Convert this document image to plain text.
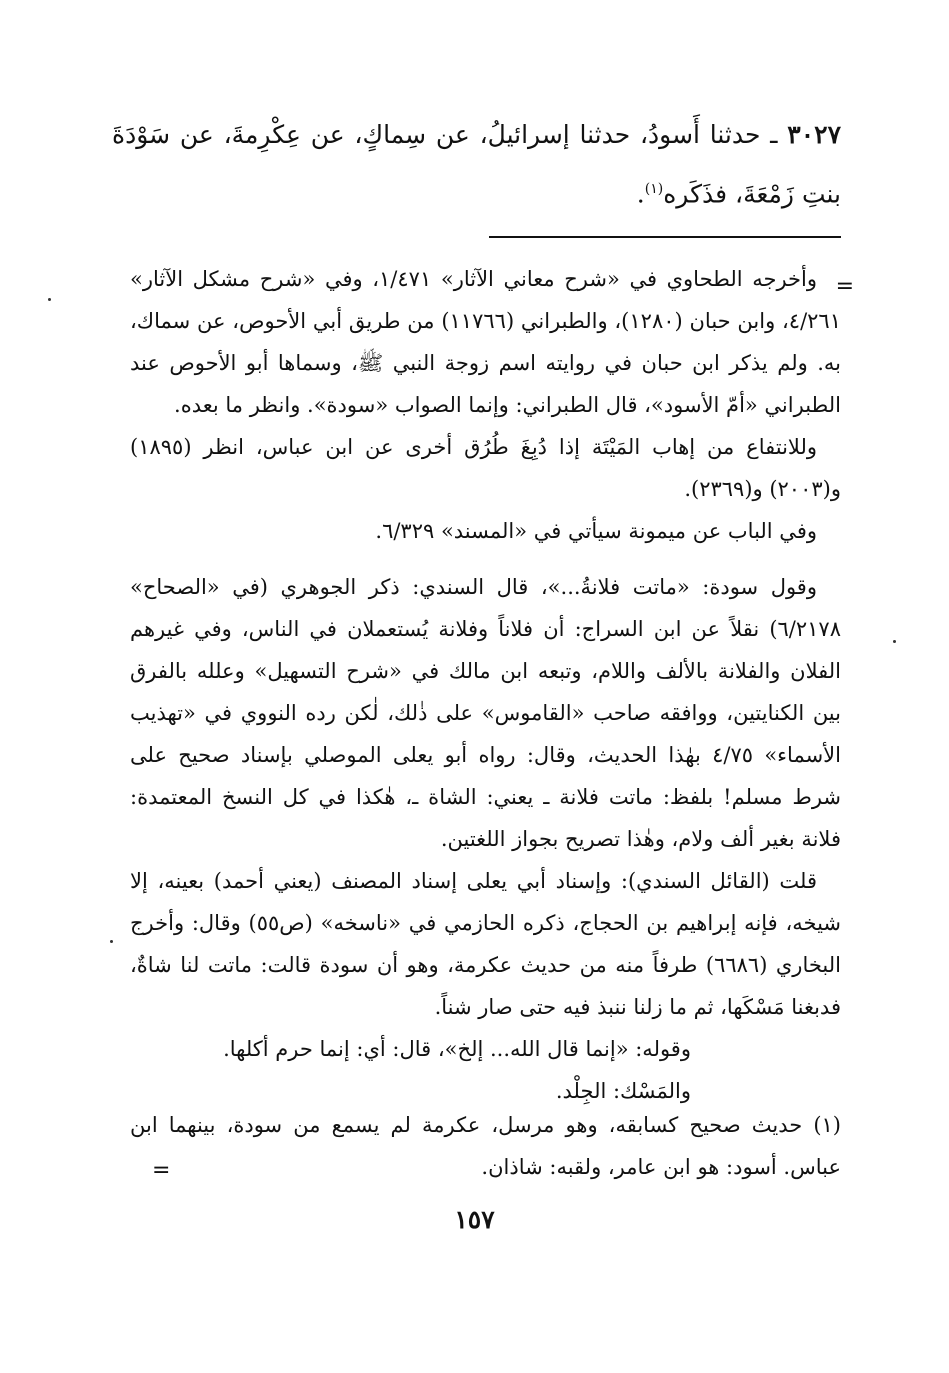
٣٠٢٧ ـ حدثنا أَسودُ، حدثنا إسرائيلُ، عن سِماكٍ، عن عِكْرِمةَ، عن سَوْدَةَ بنتِ زَمْعَةَ، فذَكَره$^{(١)}$.
=

وأخرجه الطحاوي في «شرح معاني الآثار» ١/٤٧١، وفي «شرح مشكل الآثار» ٤/٢٦١، وابن حبان (١٢٨٠)، والطبراني (١١٧٦٦) من طريق أبي الأحوص، عن سماك، به. ولم يذكر ابن حبان في روايته اسم زوجة النبي ﷺ، وسماها أبو الأحوص عند الطبراني «أمّ الأسود»، قال الطبراني: وإنما الصواب «سودة». وانظر ما بعده.

وللانتفاع من إهاب المَيْتَة إذا دُبِغَ طُرُق أخرى عن ابن عباس، انظر (١٨٩٥) و(٢٠٠٣) و(٢٣٦٩).

وفي الباب عن ميمونة سيأتي في «المسند» ٦/٣٢٩.

وقول سودة: «ماتت فلانةُ...»، قال السندي: ذكر الجوهري (في «الصحاح» ٦/٢١٧٨) نقلاً عن ابن السراج: أن فلاناً وفلانة يُستعملان في الناس، وفي غيرهم الفلان والفلانة بالألف واللام، وتبعه ابن مالك في «شرح التسهيل» وعلله بالفرق بين الكنايتين، ووافقه صاحب «القاموس» على ذٰلك، لٰكن رده النووي في «تهذيب الأسماء» ٤/٧٥ بهٰذا الحديث، وقال: رواه أبو يعلى الموصلي بإسناد صحيح على شرط مسلم! بلفظ: ماتت فلانة ـ يعني: الشاة ـ، هٰكذا في كل النسخ المعتمدة: فلانة بغير ألف ولام، وهٰذا تصريح بجواز اللغتين.

قلت (القائل السندي): وإسناد أبي يعلى إسناد المصنف (يعني أحمد) بعينه، إلا شيخه، فإنه إبراهيم بن الحجاج، ذكره الحازمي في «ناسخه» (ص٥٥) وقال: وأخرج البخاري (٦٦٨٦) طرفاً منه من حديث عكرمة، وهو أن سودة قالت: ماتت لنا شاةٌ، فدبغنا مَسْكَها، ثم ما زلنا ننبذ فيه حتى صار شناً.

وقوله: «إنما قال الله... إلخ»، قال: أي: إنما حرم أكلها.

والمَسْك: الجِلْد.

(١) حديث صحيح كسابقه، وهو مرسل، عكرمة لم يسمع من سودة، بينهما ابن عباس. أسود: هو ابن عامر، ولقبه: شاذان.
=
١٥٧
